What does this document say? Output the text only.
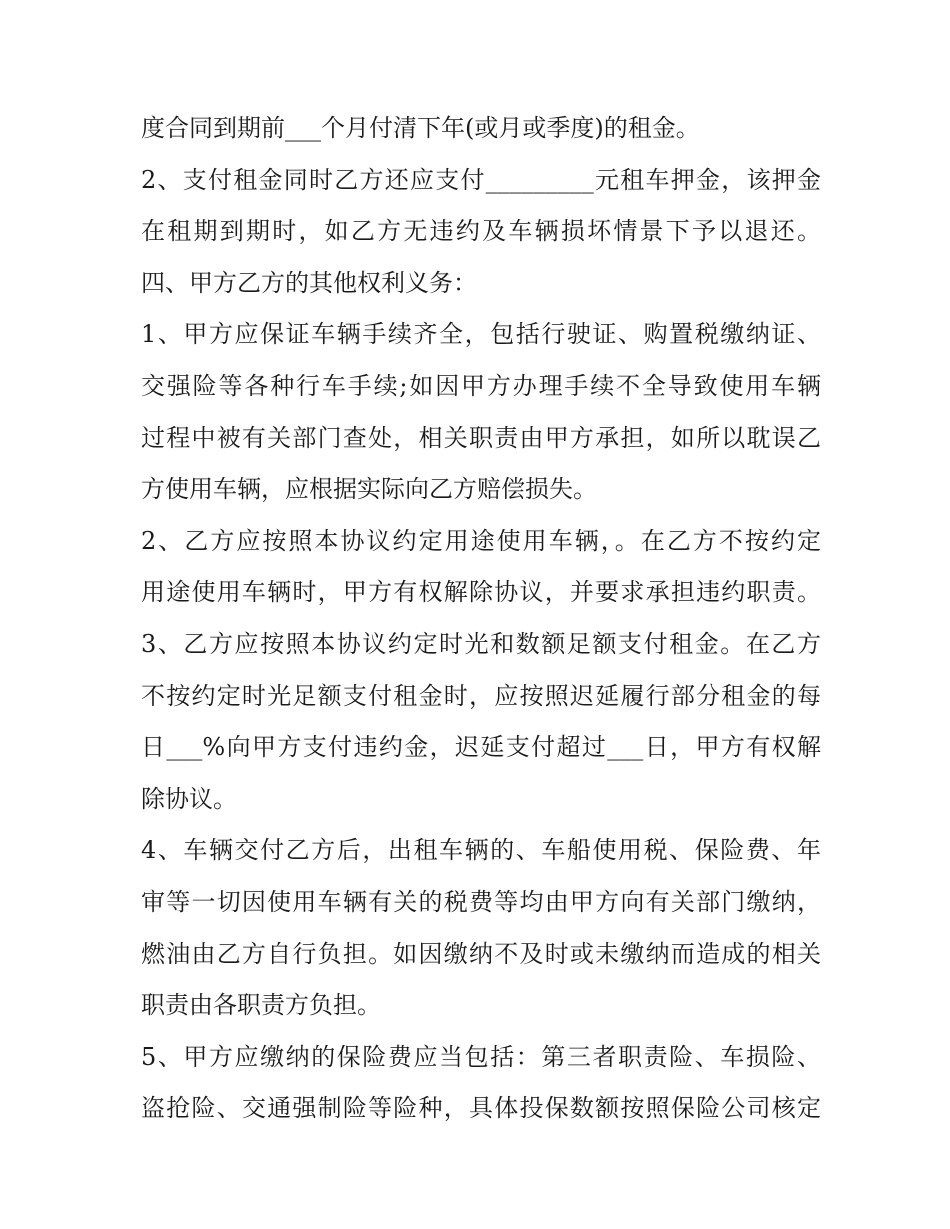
度合同到期前___个月付清下年(或月或季度)的租金。
2、支付租金同时乙方还应支付_________元租车押金，该押金
在租期到期时，如乙方无违约及车辆损坏情景下予以退还。
四、甲方乙方的其他权利义务：
1、甲方应保证车辆手续齐全，包括行驶证、购置税缴纳证、
交强险等各种行车手续;如因甲方办理手续不全导致使用车辆
过程中被有关部门查处，相关职责由甲方承担，如所以耽误乙
方使用车辆，应根据实际向乙方赔偿损失。
2、乙方应按照本协议约定用途使用车辆，。在乙方不按约定
用途使用车辆时，甲方有权解除协议，并要求承担违约职责。
3、乙方应按照本协议约定时光和数额足额支付租金。在乙方
不按约定时光足额支付租金时，应按照迟延履行部分租金的每
日___%向甲方支付违约金，迟延支付超过___日，甲方有权解
除协议。
4、车辆交付乙方后，出租车辆的、车船使用税、保险费、年
审等一切因使用车辆有关的税费等均由甲方向有关部门缴纳，
燃油由乙方自行负担。如因缴纳不及时或未缴纳而造成的相关
职责由各职责方负担。
5、甲方应缴纳的保险费应当包括：第三者职责险、车损险、
盗抢险、交通强制险等险种，具体投保数额按照保险公司核定
